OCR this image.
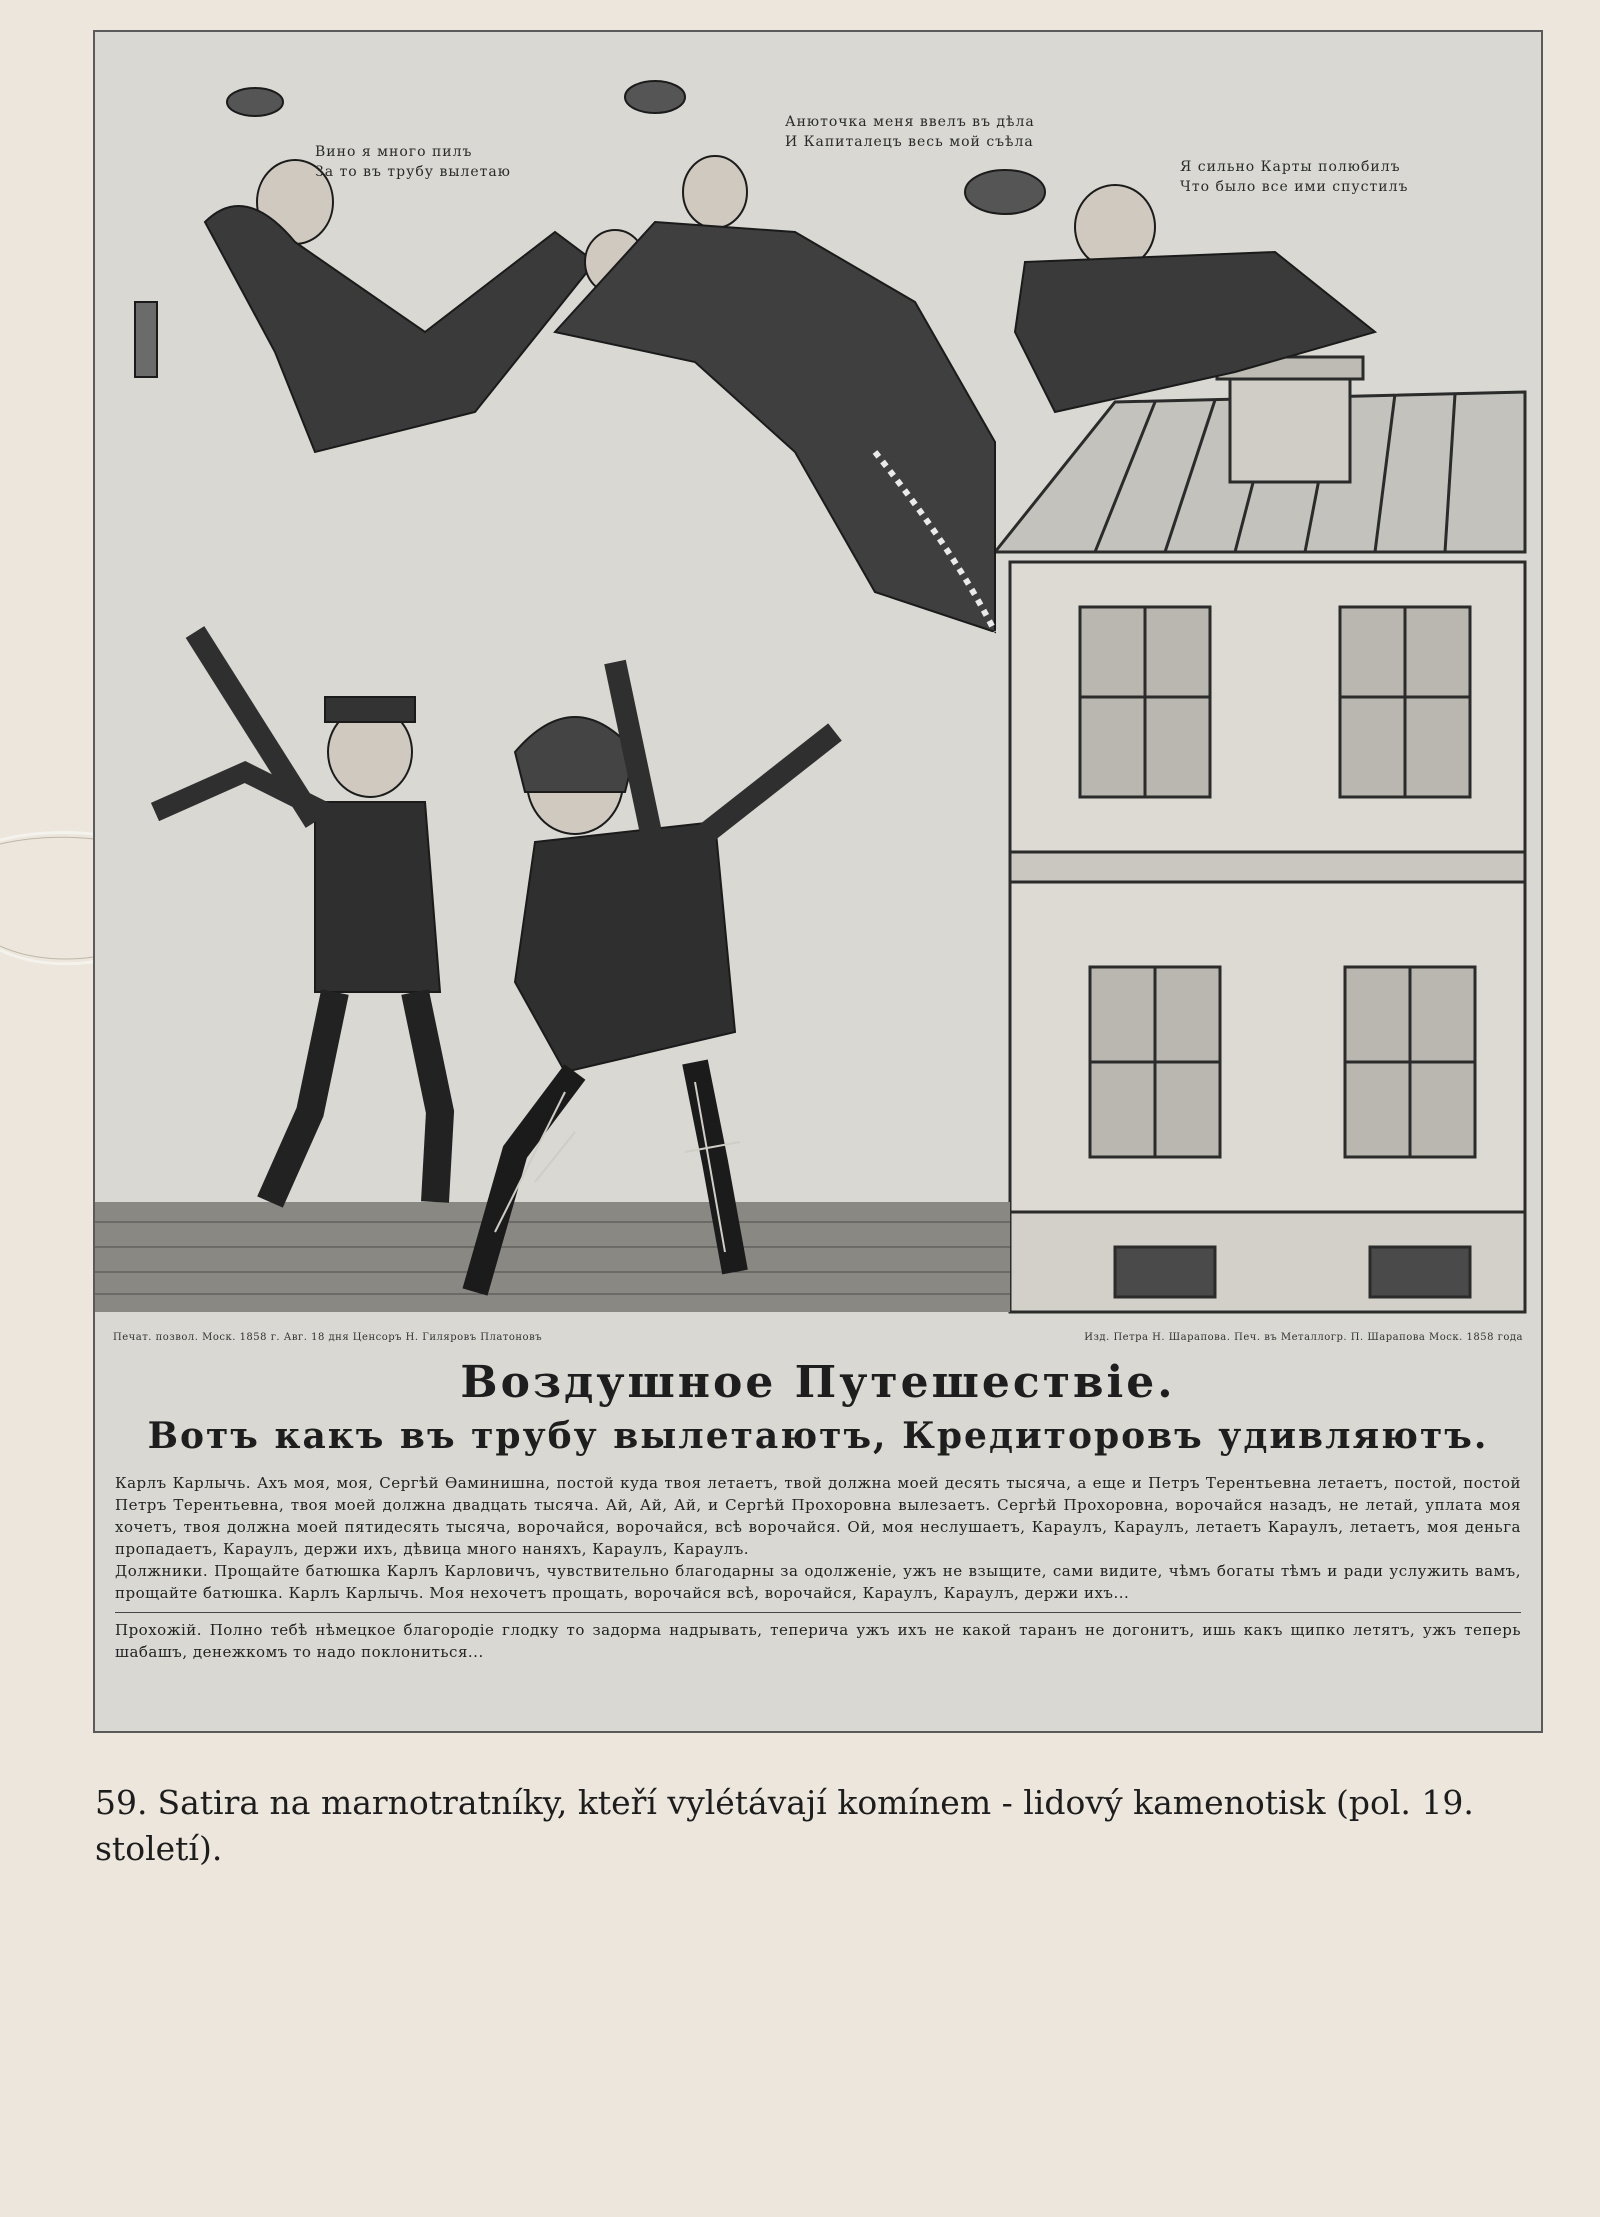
Вино я много пилъ
За то въ трубу вылетаю
Анюточка меня ввелъ въ дѣла
И Капиталецъ весь мой съѣла
Я сильно Карты полюбилъ
Что было все ими спустилъ
Печат. позвол. Моск. 1858 г. Авг. 18 дня Ценсоръ Н. Гиляровъ Платоновъ	Изд. Петра Н. Шарапова. Печ. въ Металлогр. П. Шарапова Моск. 1858 года
Воздушное Путешествiе.
Вотъ какъ въ трубу вылетаютъ, Кредиторовъ удивляютъ.

Карлъ Карлычь. Ахъ моя, моя, Сергѣй Ѳаминишна, постой куда твоя летаетъ, твой должна моей десять тысяча, а еще и Петръ Терентьевна летаетъ, постой, постой Петръ Терентьевна, твоя моей должна двадцать тысяча. Ай, Ай, Ай, и Сергѣй Прохоровна вылезаетъ. Сергѣй Прохоровна, ворочайся назадъ, не летай, уплата моя хочетъ, твоя должна моей пятидесять тысяча, ворочайся, ворочайся, всѣ ворочайся. Ой, моя неслушаетъ, Караулъ, Караулъ, летаетъ Караулъ, летаетъ, моя деньга пропадаетъ, Караулъ, держи ихъ, дѣвица много наняхъ, Караулъ, Караулъ.

Должники. Прощайте батюшка Карлъ Карловичъ, чувствительно благодарны за одолженiе, ужъ не взыщите, сами видите, чѣмъ богаты тѣмъ и ради услужить вамъ, прощайте батюшка. Карлъ Карлычь. Моя нехочетъ прощать, ворочайся всѣ, ворочайся, Караулъ, Караулъ, держи ихъ...

Прохожiй. Полно тебѣ нѣмецкое благородiе глодку то задорма надрывать, теперича ужъ ихъ не какой таранъ не догонитъ, ишь какъ щипко летятъ, ужъ теперь шабашъ, денежкомъ то надо поклониться...

59. Satira na marnotratníky, kteří vylétávají komínem - lidový kamenotisk (pol. 19. století).
